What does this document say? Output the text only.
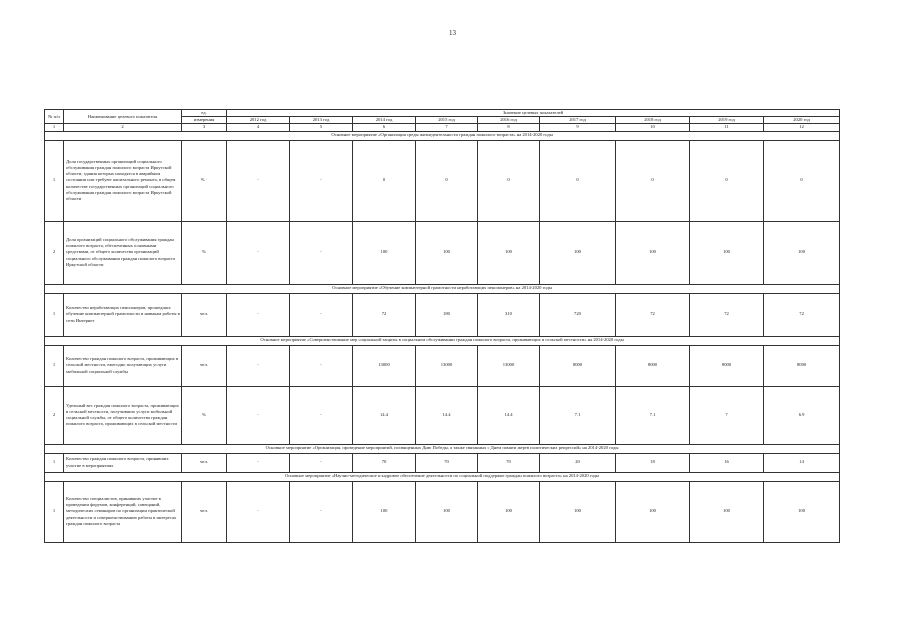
13
№ п/п	Наименование целевого показателя	ед.	Значение целевых показателей								
		измерения	2012 год	2013 год	2014 год	2015 год	2016 год	2017 год	2018 год	2019 год	2020 год
1	2	3	4	5	6	7	8	9	10	11	12
Основное мероприятие «Организация среды жизнедеятельности граждан пожилого возраста» на 2014-2020 годы											
1	Доля государственных организаций социального обслуживания граждан пожилого возраста Иркутской области, здания которых находятся в аварийном состоянии или требуют капитального ремонта, в общем количестве государственных организаций социального обслуживания граждан пожилого возраста Иркутской области	% ·	-	-	0	0	0	0	0	0	0
2	Доля организаций социального обслуживания граждан пожилого возраста, обеспеченных основными средствами, от общего количества организаций социального обслуживания граждан пожилого возраста Иркутской области	%	-	-	100	100	100	100	100	100	100
Основное мероприятие «Обучение компьютерной грамотности неработающих пенсионеров» на 2014-2020 годы											
1	Количество неработающих пенсионеров, прошедших обучение компьютерной грамотности и навыкам работы в сети Интернет	чел.	-	-	72	180	310	720	72	72	72
Основное мероприятие «Совершенствование мер социальной защиты в социальном обслуживании граждан пожилого возраста, проживающих в сельской местности» на 2014-2020 годы											
1	Количество граждан пожилого возраста, проживающих в сельской местности, ежегодно получающих услуги мобильной социальной службы	чел.	-	-	13000	13000	13000	8000	8000	8000	8000
2	Удельный вес граждан пожилого возраста, проживающих в сельской местности, получивших услуги мобильной социальной службы, от общего количества граждан пожилого возраста, проживающих в сельской местности	%	-	-	14.4	14.4	14.4	7.1	7.1	7	6.9
Основное мероприятие «Организация, проведение мероприятий, посвященных Дню Победы, а также связанных с Днем памяти жертв политических репрессий» на 2014-2020 годы											
1	Количество граждан пожилого возраста, принявших участие в мероприятиях	чел.	-	-	70	70	70	20	18	16	14
Основное мероприятие «Научно-методическое и кадровое обеспечение деятельности по социальной поддержке граждан пожилого возраста» на 2014-2020 годы											
1	Количество специалистов, принявших участие в проведении форумов, конференций, совещаний, методических семинаров по организации практической деятельности и совершенствованию работы в интересах граждан пожилого возраста	чел.	-	-	100	100	100	100	100	100	100
